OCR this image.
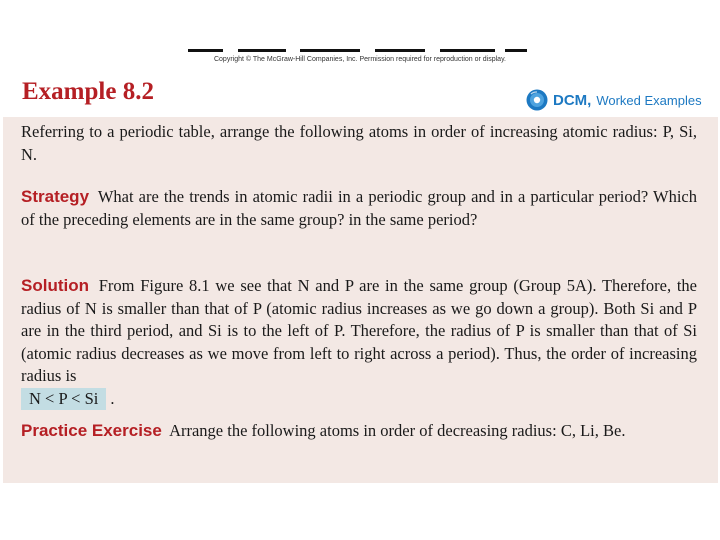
Copyright © The McGraw-Hill Companies, Inc. Permission required for reproduction or display.
Example 8.2	DCM, Worked Examples
Referring to a periodic table, arrange the following atoms in order of increasing atomic radius: P, Si, N.
Strategy What are the trends in atomic radii in a periodic group and in a particular period? Which of the preceding elements are in the same group? in the same period?
Solution From Figure 8.1 we see that N and P are in the same group (Group 5A). Therefore, the radius of N is smaller than that of P (atomic radius increases as we go down a group). Both Si and P are in the third period, and Si is to the left of P. Therefore, the radius of P is smaller than that of Si (atomic radius decreases as we move from left to right across a period). Thus, the order of increasing radius is
N < P < Si .
Practice Exercise Arrange the following atoms in order of decreasing radius: C, Li, Be.
